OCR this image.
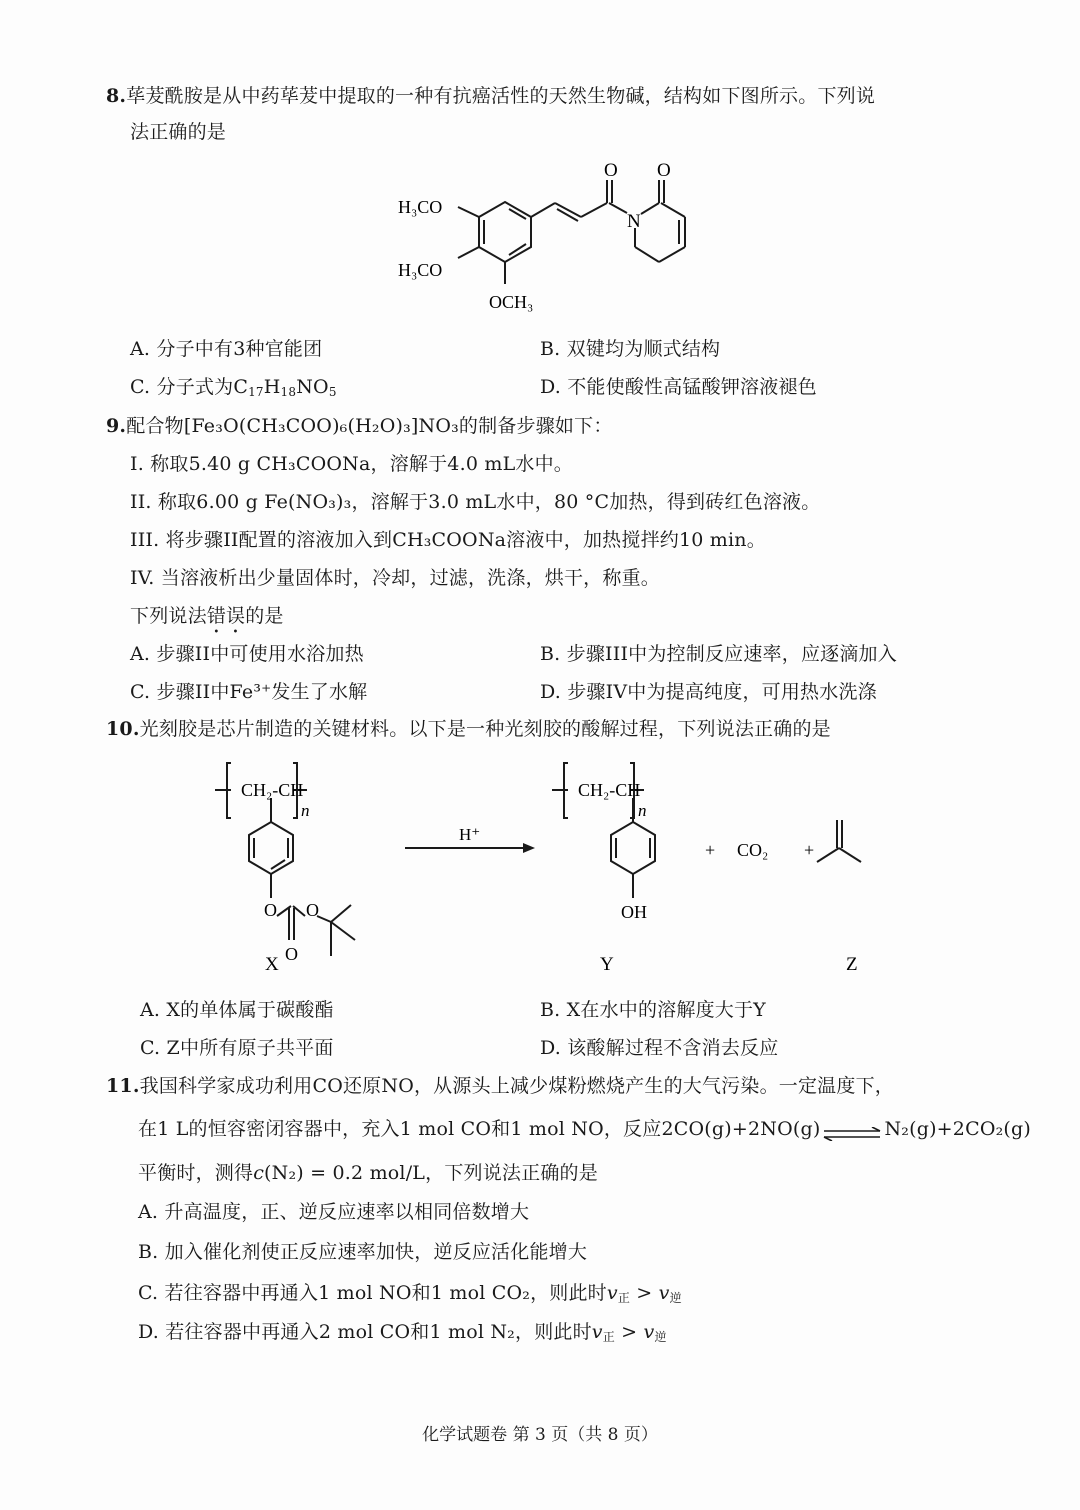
8.荜茇酰胺是从中药荜茇中提取的一种有抗癌活性的天然生物碱，结构如下图所示。下列说
法正确的是
O O
N
H₃CO
H₃CO
OCH₃
A. 分子中有3种官能团	B. 双键均为顺式结构
C. 分子式为$C_{17}H_{18}NO_5$	D. 不能使酸性高锰酸钾溶液褪色
9.配合物[Fe₃O(CH₃COO)₆(H₂O)₃]NO₃的制备步骤如下：
I. 称取5.40 g CH₃COONa，溶解于4.0 mL水中。
II. 称取6.00 g Fe(NO₃)₃，溶解于3.0 mL水中，80 °C加热，得到砖红色溶液。
III. 将步骤II配置的溶液加入到CH₃COONa溶液中，加热搅拌约10 min。
IV. 当溶液析出少量固体时，冷却，过滤，洗涤，烘干，称重。
下列说法错误的是
A. 步骤II中可使用水浴加热	B. 步骤III中为控制反应速率，应逐滴加入
C. 步骤II中Fe³⁺发生了水解	D. 步骤IV中为提高纯度，可用热水洗涤
10.光刻胶是芯片制造的关键材料。以下是一种光刻胶的酸解过程，下列说法正确的是
CH₂-CH
n
O O
O
X
H⁺
CH₂-CH
n
OH
Y
+ CO₂ +
Z
A. X的单体属于碳酸酯	B. X在水中的溶解度大于Y
C. Z中所有原子共平面	D. 该酸解过程不含消去反应
11.我国科学家成功利用CO还原NO，从源头上减少煤粉燃烧产生的大气污染。一定温度下，
在1 L的恒容密闭容器中，充入1 mol CO和1 mol NO，反应2CO(g)+2NO(g) ⇌ N₂(g)+2CO₂(g)
平衡时，测得c(N₂) = 0.2 mol/L，下列说法正确的是
A. 升高温度，正、逆反应速率以相同倍数增大
B. 加入催化剂使正反应速率加快，逆反应活化能增大
C. 若往容器中再通入1 mol NO和1 mol CO₂，则此时$v_正 > v_逆$
D. 若往容器中再通入2 mol CO和1 mol N₂，则此时$v_正 > v_逆$
化学试题卷 第 3 页（共 8 页）
